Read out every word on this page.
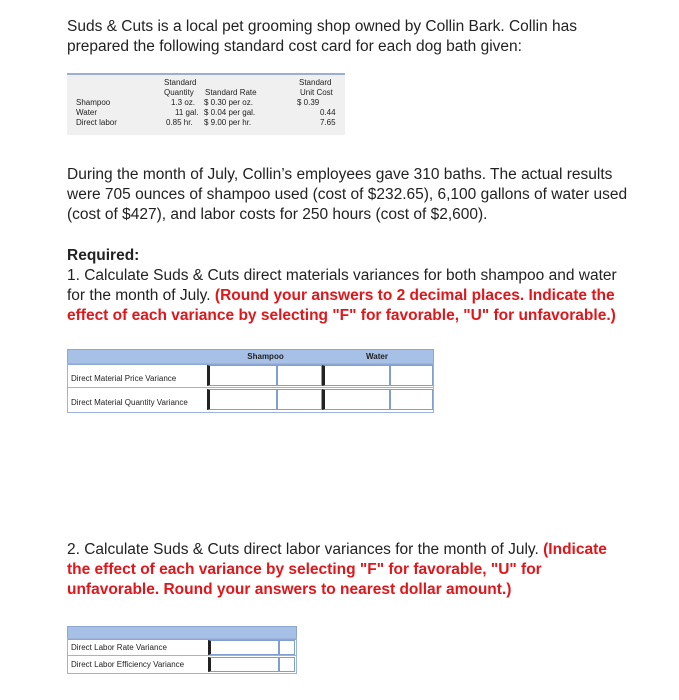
Suds & Cuts is a local pet grooming shop owned by Collin Bark. Collin has
prepared the following standard cost card for each dog bath given:
Standard
Quantity Standard Rate
Standard
Unit Cost
Shampoo	1.3 oz. $ 0.30 per oz.	$ 0.39
Water	11 gal. $ 0.04 per gal.	0.44
Direct labor	0.85 hr. $ 9.00 per hr.	7.65
During the month of July, Collin’s employees gave 310 baths. The actual results
were 705 ounces of shampoo used (cost of $232.65), 6,100 gallons of water used
(cost of $427), and labor costs for 250 hours (cost of $2,600).
Required:
1. Calculate Suds & Cuts direct materials variances for both shampoo and water
for the month of July. (Round your answers to 2 decimal places. Indicate the
effect of each variance by selecting "F" for favorable, "U" for unfavorable.)
Shampoo	Water
Direct Material Price Variance
Direct Material Quantity Variance
2. Calculate Suds & Cuts direct labor variances for the month of July. (Indicate
the effect of each variance by selecting "F" for favorable, "U" for
unfavorable. Round your answers to nearest dollar amount.)
Direct Labor Rate Variance
Direct Labor Efficiency Variance
